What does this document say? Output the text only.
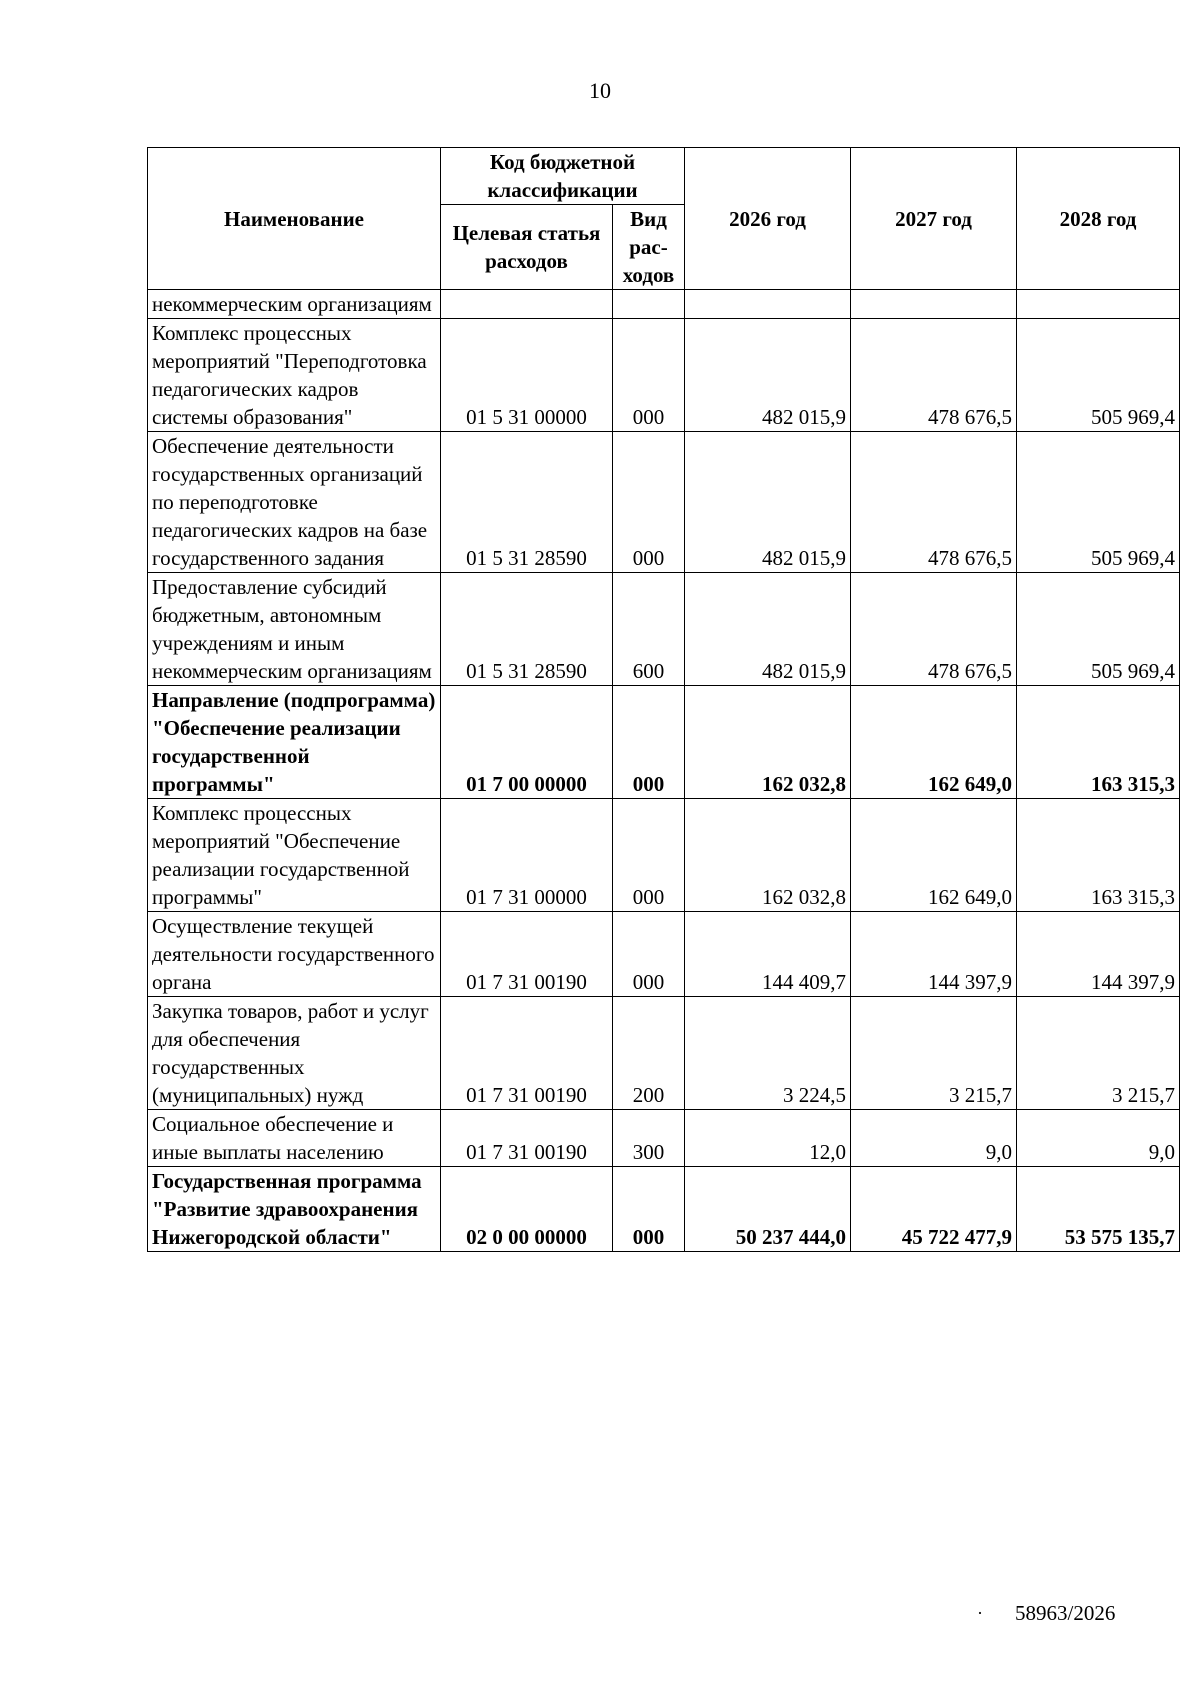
10
Наименование	Код бюджетной классификации		2026 год	2027 год	2028 год
	Целевая статья расходов	Вид рас-ходов			
некоммерческим организациям					
Комплекс процессных мероприятий "Переподготовка педагогических кадров системы образования"	01 5 31 00000	000	482 015,9	478 676,5	505 969,4
Обеспечение деятельности государственных организаций по переподготовке педагогических кадров на базе государственного задания	01 5 31 28590	000	482 015,9	478 676,5	505 969,4
Предоставление субсидий бюджетным, автономным учреждениям и иным некоммерческим организациям	01 5 31 28590	600	482 015,9	478 676,5	505 969,4
Направление (подпрограмма) "Обеспечение реализации государственной программы"	01 7 00 00000	000	162 032,8	162 649,0	163 315,3
Комплекс процессных мероприятий "Обеспечение реализации государственной программы"	01 7 31 00000	000	162 032,8	162 649,0	163 315,3
Осуществление текущей деятельности государственного органа	01 7 31 00190	000	144 409,7	144 397,9	144 397,9
Закупка товаров, работ и услуг для обеспечения государственных (муниципальных) нужд	01 7 31 00190	200	3 224,5	3 215,7	3 215,7
Социальное обеспечение и иные выплаты населению	01 7 31 00190	300	12,0	9,0	9,0
Государственная программа "Развитие здравоохранения Нижегородской области"	02 0 00 00000	000	50 237 444,0	45 722 477,9	53 575 135,7
· 58963/2026
